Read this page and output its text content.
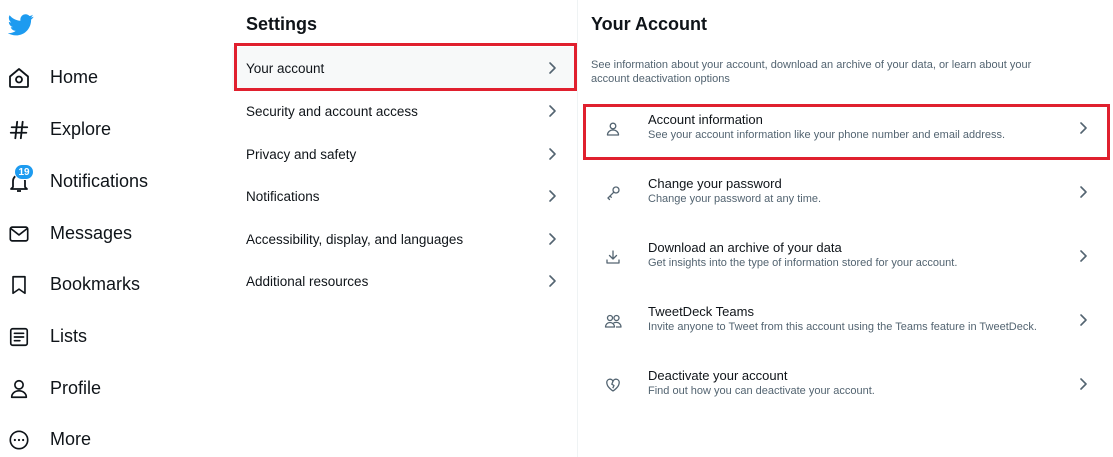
Home
Explore
19 Notifications
Messages
Bookmarks
Lists
Profile
More
Settings
Your account
Security and account access
Privacy and safety
Notifications
Accessibility, display, and languages
Additional resources
Your Account

See information about your account, download an archive of your data, or learn about your account deactivation options

Account information
See your account information like your phone number and email address.
Change your password
Change your password at any time.
Download an archive of your data
Get insights into the type of information stored for your account.
TweetDeck Teams
Invite anyone to Tweet from this account using the Teams feature in TweetDeck.
Deactivate your account
Find out how you can deactivate your account.
